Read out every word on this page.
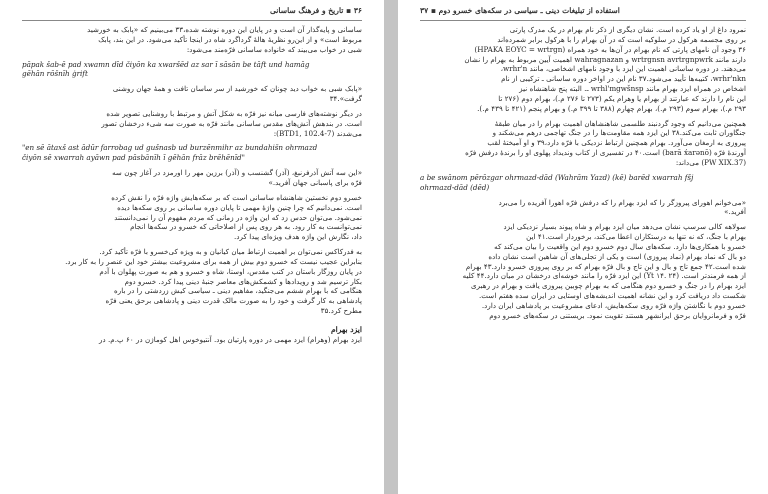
۳۶ ▪ تاریخ و فرهنگ ساسانی
ساسانی و پایه‌گذار آن است و در پایان این دوره نوشته شده،۳۳ می‌بینیم که «پابک به خورشید
مربوط است» و از این‌رو نظریهٔ هالهٔ گرداگرد شاه در اینجا تأکید می‌شود. در این بند، پابک
شبی در خواب می‌بیند که خانواده ساسانی فرّه‌مند می‌شود:
pāpak šab-ē pad xwamn dīd čiyōn ka xwaršēd az sar ī sāsān be tāft und hamāg
gēhān rōšnīh ġrift
«پابک شبی به خواب دید چونان که خورشید از سر ساسان تافت و همهٔ جهان روشنی
گرفت».۳۴
در دیگر نوشته‌های فارسی میانه نیز فرّه به شکل آتش و مرتبط با روشنایی تصویر شده
است. در بندهش آتش‌های مقدس ساسانی مانند فرّه به صورت سه شیء درخشان تصور
می‌شدند (BTD1, 102.4-7):
"en sē ātaxš ast ādūr farrobag ud gušnasb ud burzēnmihr az bundahišn ohrmazd
čiyōn sē xwarrah ayāwn pad pāsbānīh ī gēhān frāz brēhēnīd"
«این سه آتش آذرفرنبغ، (آذر) گشنسب و (آذر) برزین مهر را اورمزد در آغاز چون سه
فرّه برای پاسبانی جهان آفرید.»
خسرو دوم نخستین شاهنشاه ساسانی است که بر سکه‌هایش واژه فرّه را نقش کرده
است. نمی‌دانیم که چرا چنین واژهٔ مهمی تا پایان دوره ساسانی بر روی سکه‌ها دیده
نمی‌شود. می‌توان حدس زد که این واژه در زمانی که مردم مفهوم آن را نمی‌دانستند
نمی‌توانست به کار رود. به هر روی پس از اصلاحاتی که خسرو در سکه‌ها انجام
داد، نگارش این واژه هدف ویژه‌ای پیدا کرد.
به فدرکاکس نمی‌توان بر اهمیت ارتباط میان کیانیان و به ویژه کی‌خسرو با فرّه تأکید کرد.
بنابراین عجیب نیست که خسرو دوم بیش از همه برای مشروعیت بیشتر خود این عنصر را به کار برد.
در پایان روزگار باستان در کتب مقدس، اوستا، شاه و خسرو و هم به صورت پهلوان با آدم
بکار ترسیم شد و رویدادها و کشمکش‌های معاصر جنبهٔ دینی پیدا کرد. خسرو دوم
هنگامی که با بهرام ششم می‌جنگید، مفاهیم دینی ـ سیاسی کیش زردشتی را در باره
پادشاهی به کار گرفت و خود را به صورت مالک قدرت دینی و پادشاهی برحق یعنی فرّه
مطرح کرد.۳۵
ایزد بهرام
ایزد بهرام (وهرام) ایزد مهمی در دوره پارتیان بود. آنتیوخوس اهل کوماژن در ۶۰ پ.م. در
استفاده از تبلیغات دینی ـ سیاسی در سکه‌های خسرو دوم ▪ ۳۷
نمرود داغ از او یاد کرده است. نشان دیگری از ذکر نام بهرام در یک مدرک پارتی
بر روی مجسمه هرکول در سلوکیه است که در آن بهرام را با هرکول برابر شمرده‌اند
۳۶ وجود آن نامهای پارتی که نام بهرام در آن‌ها به خود همراه (HPAKA EOYC = wrtrgn)
دارند مانند wrtrgnsn avrtrgnpwrk و wahragnazan اهمیت آیین مربوط به بهرام را نشان
می‌دهند. در دوره ساسانی اهمیت این ایزد با وجود نامهای اشخاصی، مانند wrhr'n،
wrhr'nkn، کتیبه‌ها تأیید می‌شود.۳۷ نام این در اواخر دوره ساسانی ـ ترکیبی از نام
اشخاص در همراه ایزد بهرام مانند wrhl'mgwšnsp ـ. البته پنج شاهنشاه نیز
این نام را دارند که عبارتند از بهرام یا وهرام یکم (۲۷۳ تا ۲۷۶ م.)، بهرام دوم (۲۷۶ تا
۲۹۳ م.)، بهرام سوم (۲۹۳ م.)، بهرام چهارم (۳۸۸ تا ۳۹۹ م.) و بهرام پنجم (۴۲۱ تا ۴۳۹ م.).
همچنین می‌دانیم که وجود گردنبند طلسمی شاهنشاهان اهمیت بهرام را در میان طبقهٔ
جنگاوران ثابت می‌کند.۳۸ این ایزد همه مقاومت‌ها را در جنگ تهاجمی درهم می‌شکند و
پیروزی به ارمغان می‌آورد. بهرام همچنین ارتباط نزدیکی با فرّه دارد،۳۹ و او آمیختهٔ لقب
آورندهٔ فرّه (barā x́arənō) است.۴۰ در تفسیری از کتاب وندیداد پهلوی او را برندهٔ درفش فرّه
(PW XIX.37) می‌داند:
a be swānom pērōzgar ohrmazd-dād (Wahrām Yazd) (kē) barēd xwarrah fšj
ohrmazd-dād (dēd)
«می‌خوانم اهورای پیروزگر را که ایزد بهرام را که درفش فرّه اهورا آفریده را می‌برد
آفرید.»
سولاهه کالی سرسپ نشان می‌دهد میان ایزد بهرام و شاه پیوند بسیار نزدیکی ایزد
بهرام با جنگ، که نه تنها به درستکاران اعطا می‌کند، برخوردار است.۴۱ این
خسرو با همکاری‌ها دارد. سکه‌های سال دوم خسرو دوم این واقعیت را بیان می‌کند که
دو بال که نماد بهرام (نماد پیروزی) است و یکی از تجلی‌های آن شاهین است نشان داده
شده است.۴۲ جمع تاج و بال و این تاج و بال فرّه بهرام که بر روی پیروزی خسرو دارد.۴۳ بهرام
از همه فرمندتر است. (۲۴ .Yt ۱۴) این ایزد فرّه را مانند خوشه‌ای درخشان در میان دارد.۴۴ کلیه
ایزد بهرام را در جنگ و خسرو دوم هنگامی که به بهرام چوبین پیروزی یافت و بهرام در رهبری
شکست داد دریافت کرد و این نشانه اهمیت اندیشه‌های اوستایی در ایران سده هفتم است.
خسرو دوم با نگاشتن واژه فرّه روی سکه‌هایش، ادعای مشروعیت بر پادشاهی ایران دارد.
فرّه و فرمانروایان برحق ایرانشهر هستند تقویت نمود. بریستنی در سکه‌های خسرو دوم
